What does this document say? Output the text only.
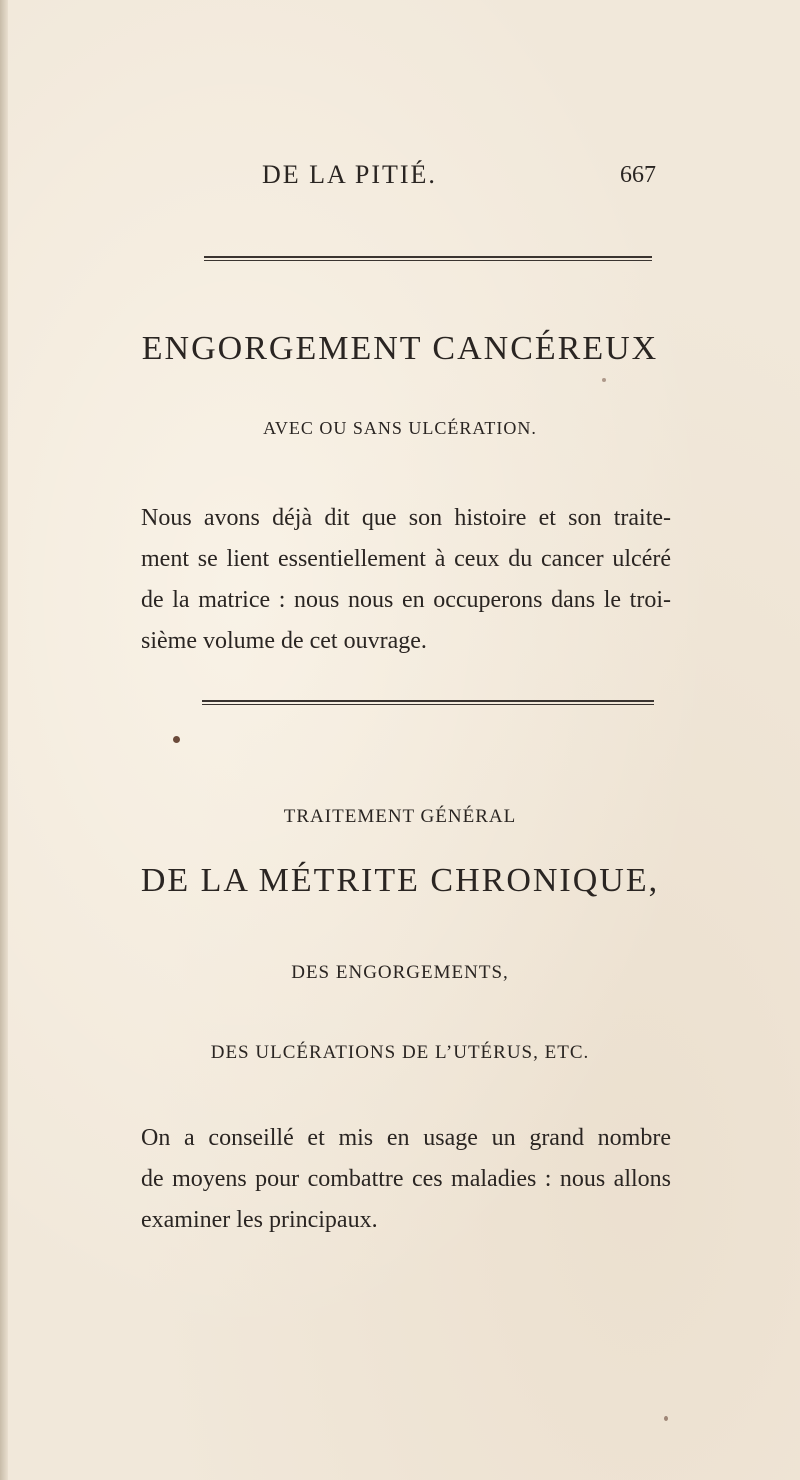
DE LA PITIÉ.	667
ENGORGEMENT CANCÉREUX
AVEC OU SANS ULCÉRATION.
Nous avons déjà dit que son histoire et son traite-
ment se lient essentiellement à ceux du cancer ulcéré
de la matrice : nous nous en occuperons dans le troi-
sième volume de cet ouvrage.
TRAITEMENT GÉNÉRAL
DE LA MÉTRITE CHRONIQUE,
DES ENGORGEMENTS,
DES ULCÉRATIONS DE L’UTÉRUS, ETC.
On a conseillé et mis en usage un grand nombre
de moyens pour combattre ces maladies : nous allons
examiner les principaux.
